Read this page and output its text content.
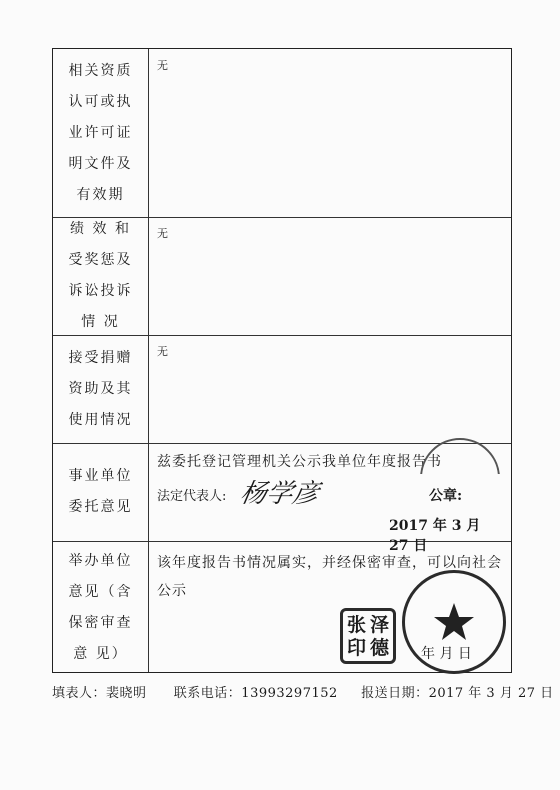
相关资质
认可或执
业许可证
明文件及
有效期
无
绩 效 和
受奖惩及
诉讼投诉
情 况
无
接受捐赠
资助及其
使用情况
无
事业单位
委托意见
兹委托登记管理机关公示我单位年度报告书
法定代表人: 杨学彦	公章:
2017 年 3 月 27 日
举办单位
意见（含
保密审查
意 见）
该年度报告书情况属实，并经保密审查，可以向社会
公示
年 月 日
张 泽
印 德
填表人：裴晓明 联系电话：13993297152 报送日期：2017 年 3 月 27 日
